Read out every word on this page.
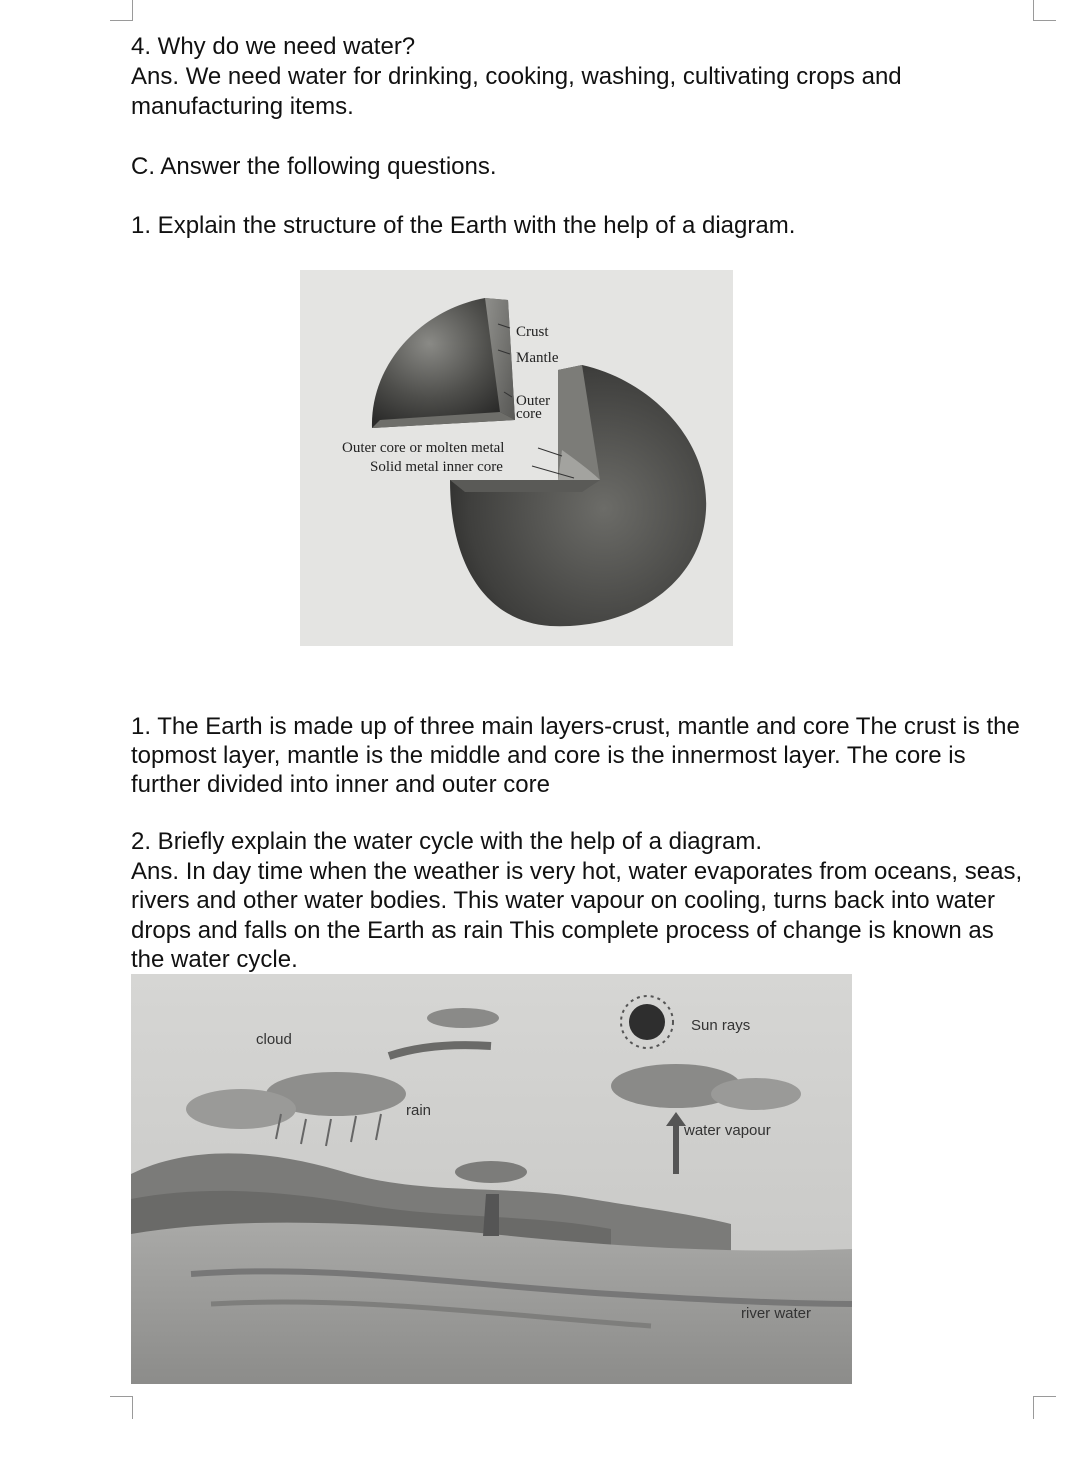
4. Why do we need water?

Ans. We need water for drinking, cooking, washing, cultivating crops and manufacturing items.

C. Answer the following questions.

1. Explain the structure of the Earth with the help of a diagram.

Crust

Mantle

Outer

core

Outer core or molten metal

Solid metal inner core

1. The Earth is made up of three main layers-crust, mantle and core The crust is the topmost layer, mantle is the middle and core is the innermost layer. The core is further divided into inner and outer core

2. Briefly explain the water cycle with the help of a diagram.

Ans. In day time when the weather is very hot, water evaporates from oceans, seas, rivers and other water bodies. This water vapour on cooling, turns back into water drops and falls on the Earth as rain This complete process of change is known as the water cycle.

cloud

rain

Sun rays

water vapour

river water
